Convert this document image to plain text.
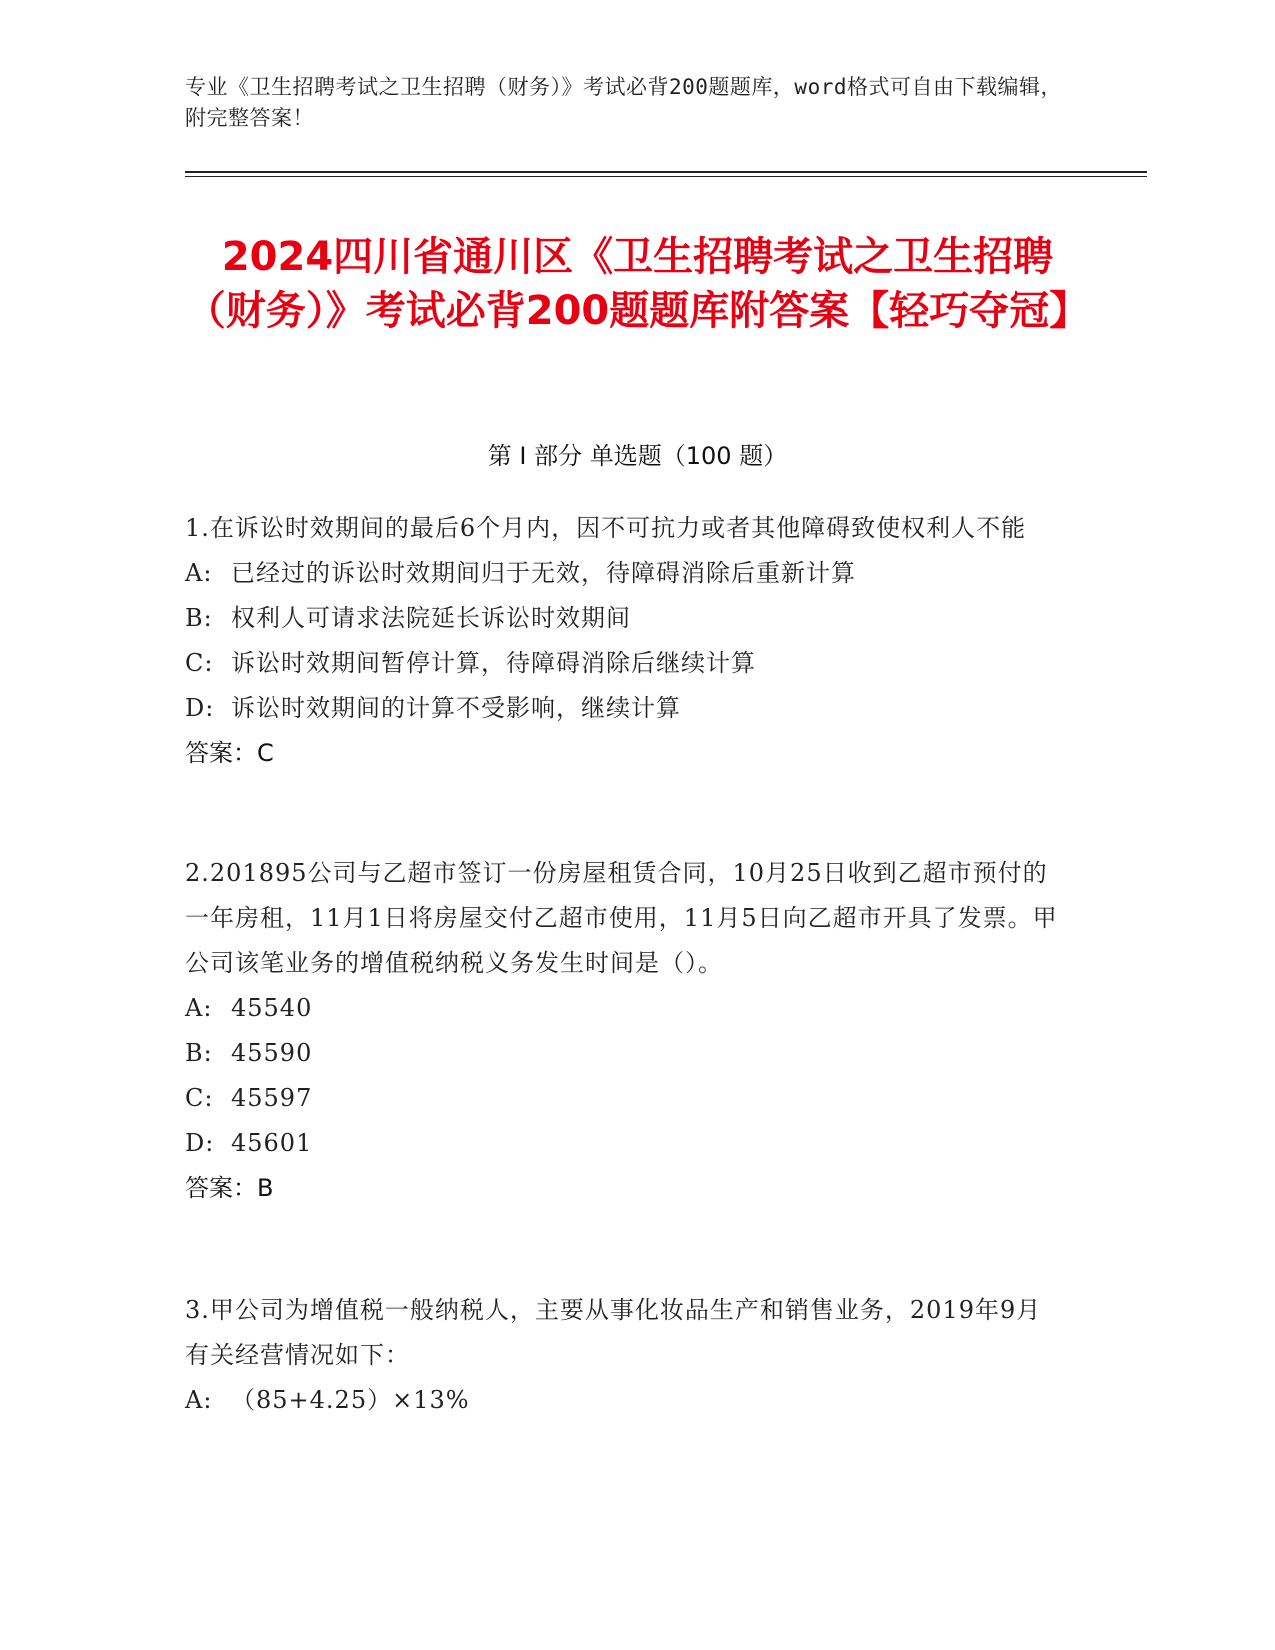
专业《卫生招聘考试之卫生招聘（财务）》考试必背200题题库，word格式可自由下载编辑，附完整答案！
2024四川省通川区《卫生招聘考试之卫生招聘（财务）》考试必背200题题库附答案【轻巧夺冠】
第 I 部分 单选题（100 题）
1.在诉讼时效期间的最后6个月内，因不可抗力或者其他障碍致使权利人不能
A: 已经过的诉讼时效期间归于无效，待障碍消除后重新计算
B: 权利人可请求法院延长诉讼时效期间
C: 诉讼时效期间暂停计算，待障碍消除后继续计算
D: 诉讼时效期间的计算不受影响，继续计算
答案：C
2.201895公司与乙超市签订一份房屋租赁合同，10月25日收到乙超市预付的一年房租，11月1日将房屋交付乙超市使用，11月5日向乙超市开具了发票。甲公司该笔业务的增值税纳税义务发生时间是（）。
A: 45540
B: 45590
C: 45597
D: 45601
答案：B
3.甲公司为增值税一般纳税人，主要从事化妆品生产和销售业务，2019年9月有关经营情况如下：
A: （85+4.25）×13%
